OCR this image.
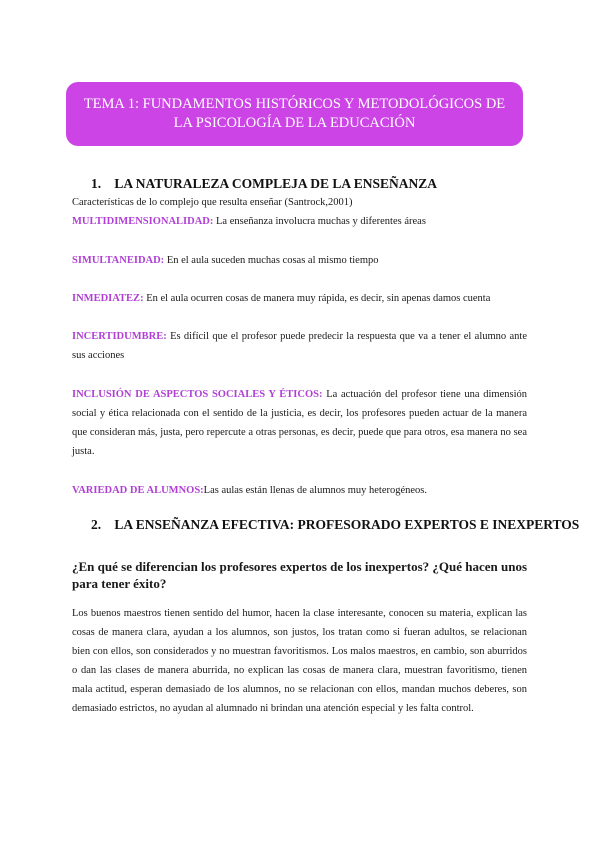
TEMA 1: FUNDAMENTOS HISTÓRICOS Y METODOLÓGICOS DE
LA PSICOLOGÍA DE LA EDUCACIÓN
1. LA NATURALEZA COMPLEJA DE LA ENSEÑANZA
Características de lo complejo que resulta enseñar (Santrock,2001)
MULTIDIMENSIONALIDAD: La enseñanza involucra muchas y diferentes áreas
SIMULTANEIDAD: En el aula suceden muchas cosas al mismo tiempo
INMEDIATEZ: En el aula ocurren cosas de manera muy rápida, es decir, sin apenas damos cuenta
INCERTIDUMBRE: Es difícil que el profesor puede predecir la respuesta que va a tener el alumno ante sus acciones
INCLUSIÓN DE ASPECTOS SOCIALES Y ÉTICOS: La actuación del profesor tiene una dimensión social y ética relacionada con el sentido de la justicia, es decir, los profesores pueden actuar de la manera que consideran más, justa, pero repercute a otras personas, es decir, puede que para otros, esa manera no sea justa.
VARIEDAD DE ALUMNOS:Las aulas están llenas de alumnos muy heterogéneos.
2. LA ENSEÑANZA EFECTIVA: PROFESORADO EXPERTOS E INEXPERTOS
¿En qué se diferencian los profesores expertos de los inexpertos? ¿Qué hacen unos para tener éxito?
Los buenos maestros tienen sentido del humor, hacen la clase interesante, conocen su materia, explican las cosas de manera clara, ayudan a los alumnos, son justos, los tratan como si fueran adultos, se relacionan bien con ellos, son considerados y no muestran favoritismos. Los malos maestros, en cambio, son aburridos o dan las clases de manera aburrida, no explican las cosas de manera clara, muestran favoritismo, tienen mala actitud, esperan demasiado de los alumnos, no se relacionan con ellos, mandan muchos deberes, son demasiado estrictos, no ayudan al alumnado ni brindan una atención especial y les falta control.
